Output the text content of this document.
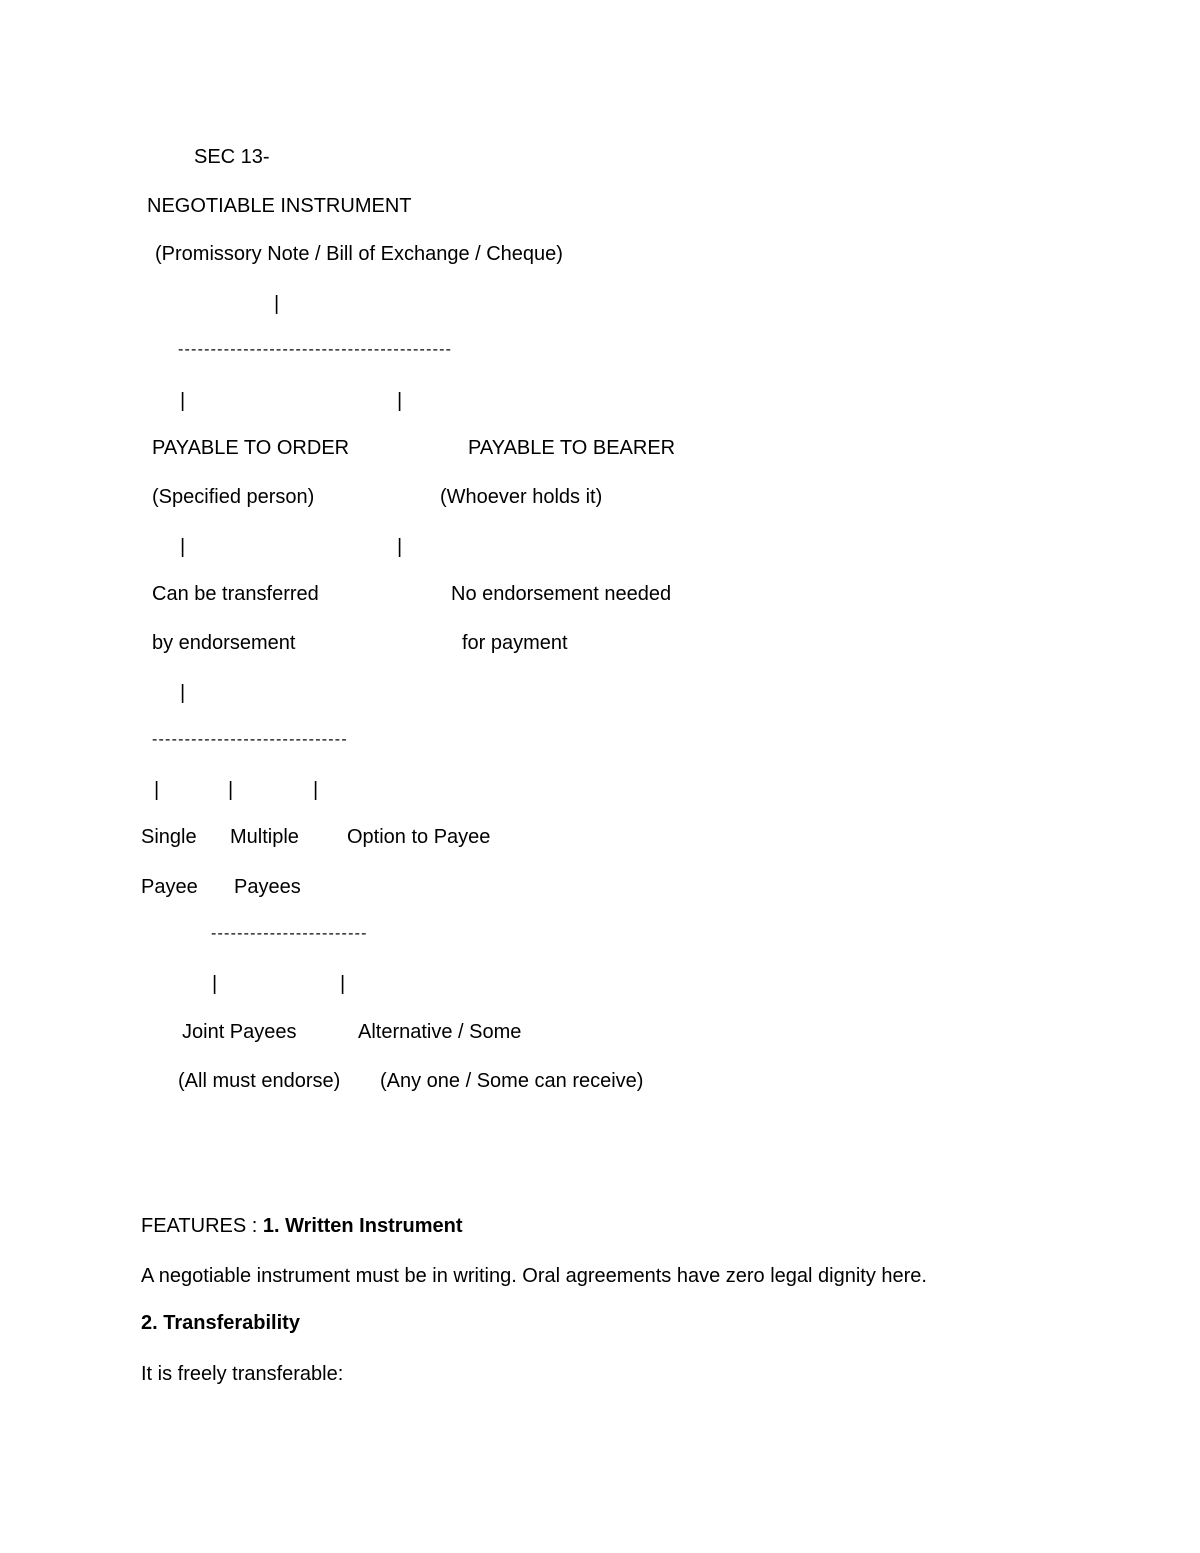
SEC 13-

NEGOTIABLE INSTRUMENT

(Promissory Note / Bill of Exchange / Cheque)

|

------------------------------------------

|	|

PAYABLE TO ORDER	PAYABLE TO BEARER

(Specified person)	(Whoever holds it)

|	|

Can be transferred	No endorsement needed

by endorsement	for payment

|

------------------------------

|	|	|

Single Multiple Option to Payee

Payee Payees

------------------------

|	|

Joint Payees	Alternative / Some

(All must endorse) (Any one / Some can receive)

FEATURES : 1. Written Instrument

A negotiable instrument must be in writing. Oral agreements have zero legal dignity here.

2. Transferability

It is freely transferable:
